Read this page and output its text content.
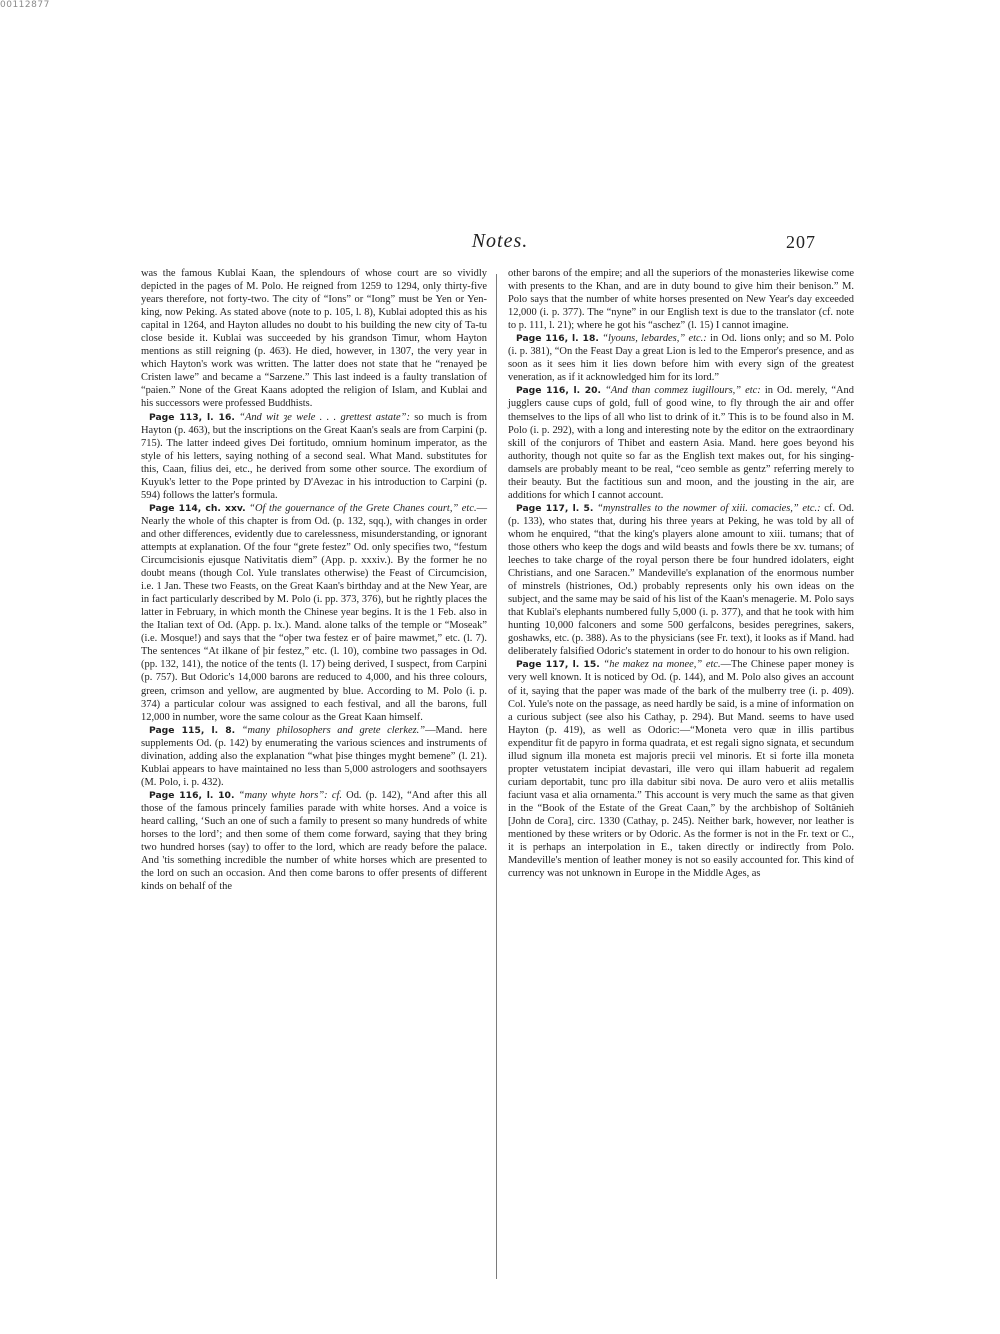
00112877
Notes.	207

was the famous Kublai Kaan, the splendours of whose court are so vividly depicted in the pages of M. Polo. He reigned from 1259 to 1294, only thirty-five years therefore, not forty-two. The city of “Ions” or “Iong” must be Yen or Yen-king, now Peking. As stated above (note to p. 105, l. 8), Kublai adopted this as his capital in 1264, and Hayton alludes no doubt to his building the new city of Ta-tu close beside it. Kublai was succeeded by his grandson Timur, whom Hayton mentions as still reigning (p. 463). He died, however, in 1307, the very year in which Hayton's work was written. The latter does not state that he “renayed þe Cristen lawe” and became a “Sarzene.” This last indeed is a faulty translation of “paien.” None of the Great Kaans adopted the religion of Islam, and Kublai and his successors were professed Buddhists.

Page 113, l. 16. “And wit ȝe wele . . . grettest astate”: so much is from Hayton (p. 463), but the inscriptions on the Great Kaan's seals are from Carpini (p. 715). The latter indeed gives Dei fortitudo, omnium hominum imperator, as the style of his letters, saying nothing of a second seal. What Mand. substitutes for this, Caan, filius dei, etc., he derived from some other source. The exordium of Kuyuk's letter to the Pope printed by D'Avezac in his introduction to Carpini (p. 594) follows the latter's formula.

Page 114, ch. xxv. “Of the gouernance of the Grete Chanes court,” etc.—Nearly the whole of this chapter is from Od. (p. 132, sqq.), with changes in order and other differences, evidently due to carelessness, misunderstanding, or ignorant attempts at explanation. Of the four “grete festez” Od. only specifies two, “festum Circumcisionis ejusque Nativitatis diem” (App. p. xxxiv.). By the former he no doubt means (though Col. Yule translates otherwise) the Feast of Circumcision, i.e. 1 Jan. These two Feasts, on the Great Kaan's birthday and at the New Year, are in fact particularly described by M. Polo (i. pp. 373, 376), but he rightly places the latter in February, in which month the Chinese year begins. It is the 1 Feb. also in the Italian text of Od. (App. p. lx.). Mand. alone talks of the temple or “Moseak” (i.e. Mosque!) and says that the “oþer twa festez er of þaire mawmet,” etc. (l. 7). The sentences “At ilkane of þir festez,” etc. (l. 10), combine two passages in Od. (pp. 132, 141), the notice of the tents (l. 17) being derived, I suspect, from Carpini (p. 757). But Odoric's 14,000 barons are reduced to 4,000, and his three colours, green, crimson and yellow, are augmented by blue. According to M. Polo (i. p. 374) a particular colour was assigned to each festival, and all the barons, full 12,000 in number, wore the same colour as the Great Kaan himself.

Page 115, l. 8. “many philosophers and grete clerkez.”—Mand. here supplements Od. (p. 142) by enumerating the various sciences and instruments of divination, adding also the explanation “what þise thinges myght bemene” (l. 21). Kublai appears to have maintained no less than 5,000 astrologers and soothsayers (M. Polo, i. p. 432).

Page 116, l. 10. “many whyte hors”: cf. Od. (p. 142), “And after this all those of the famous princely families parade with white horses. And a voice is heard calling, ‘Such an one of such a family to present so many hundreds of white horses to the lord’; and then some of them come forward, saying that they bring two hundred horses (say) to offer to the lord, which are ready before the palace. And 'tis something incredible the number of white horses which are presented to the lord on such an occasion. And then come barons to offer presents of different kinds on behalf of the

other barons of the empire; and all the superiors of the monasteries likewise come with presents to the Khan, and are in duty bound to give him their benison.” M. Polo says that the number of white horses presented on New Year's day exceeded 12,000 (i. p. 377). The “nyne” in our English text is due to the translator (cf. note to p. 111, l. 21); where he got his “aschez” (l. 15) I cannot imagine.

Page 116, l. 18. “lyouns, lebardes,” etc.: in Od. lions only; and so M. Polo (i. p. 381), “On the Feast Day a great Lion is led to the Emperor's presence, and as soon as it sees him it lies down before him with every sign of the greatest veneration, as if it acknowledged him for its lord.”

Page 116, l. 20. “And than commez iugillours,” etc: in Od. merely, “And jugglers cause cups of gold, full of good wine, to fly through the air and offer themselves to the lips of all who list to drink of it.” This is to be found also in M. Polo (i. p. 292), with a long and interesting note by the editor on the extraordinary skill of the conjurors of Thibet and eastern Asia. Mand. here goes beyond his authority, though not quite so far as the English text makes out, for his singing-damsels are probably meant to be real, “ceo semble as gentz” referring merely to their beauty. But the factitious sun and moon, and the jousting in the air, are additions for which I cannot account.

Page 117, l. 5. “mynstralles to the nowmer of xiii. comacies,” etc.: cf. Od. (p. 133), who states that, during his three years at Peking, he was told by all of whom he enquired, “that the king's players alone amount to xiii. tumans; that of those others who keep the dogs and wild beasts and fowls there be xv. tumans; of leeches to take charge of the royal person there be four hundred idolaters, eight Christians, and one Saracen.” Mandeville's explanation of the enormous number of minstrels (histriones, Od.) probably represents only his own ideas on the subject, and the same may be said of his list of the Kaan's menagerie. M. Polo says that Kublai's elephants numbered fully 5,000 (i. p. 377), and that he took with him hunting 10,000 falconers and some 500 gerfalcons, besides peregrines, sakers, goshawks, etc. (p. 388). As to the physicians (see Fr. text), it looks as if Mand. had deliberately falsified Odoric's statement in order to do honour to his own religion.

Page 117, l. 15. “he makez na monee,” etc.—The Chinese paper money is very well known. It is noticed by Od. (p. 144), and M. Polo also gives an account of it, saying that the paper was made of the bark of the mulberry tree (i. p. 409). Col. Yule's note on the passage, as need hardly be said, is a mine of information on a curious subject (see also his Cathay, p. 294). But Mand. seems to have used Hayton (p. 419), as well as Odoric:—“Moneta vero quæ in illis partibus expenditur fit de papyro in forma quadrata, et est regali signo signata, et secundum illud signum illa moneta est majoris precii vel minoris. Et si forte illa moneta propter vetustatem incipiat devastari, ille vero qui illam habuerit ad regalem curiam deportabit, tunc pro illa dabitur sibi nova. De auro vero et aliis metallis faciunt vasa et alia ornamenta.” This account is very much the same as that given in the “Book of the Estate of the Great Caan,” by the archbishop of Soltânieh [John de Cora], circ. 1330 (Cathay, p. 245). Neither bark, however, nor leather is mentioned by these writers or by Odoric. As the former is not in the Fr. text or C., it is perhaps an interpolation in E., taken directly or indirectly from Polo. Mandeville's mention of leather money is not so easily accounted for. This kind of currency was not unknown in Europe in the Middle Ages, as
